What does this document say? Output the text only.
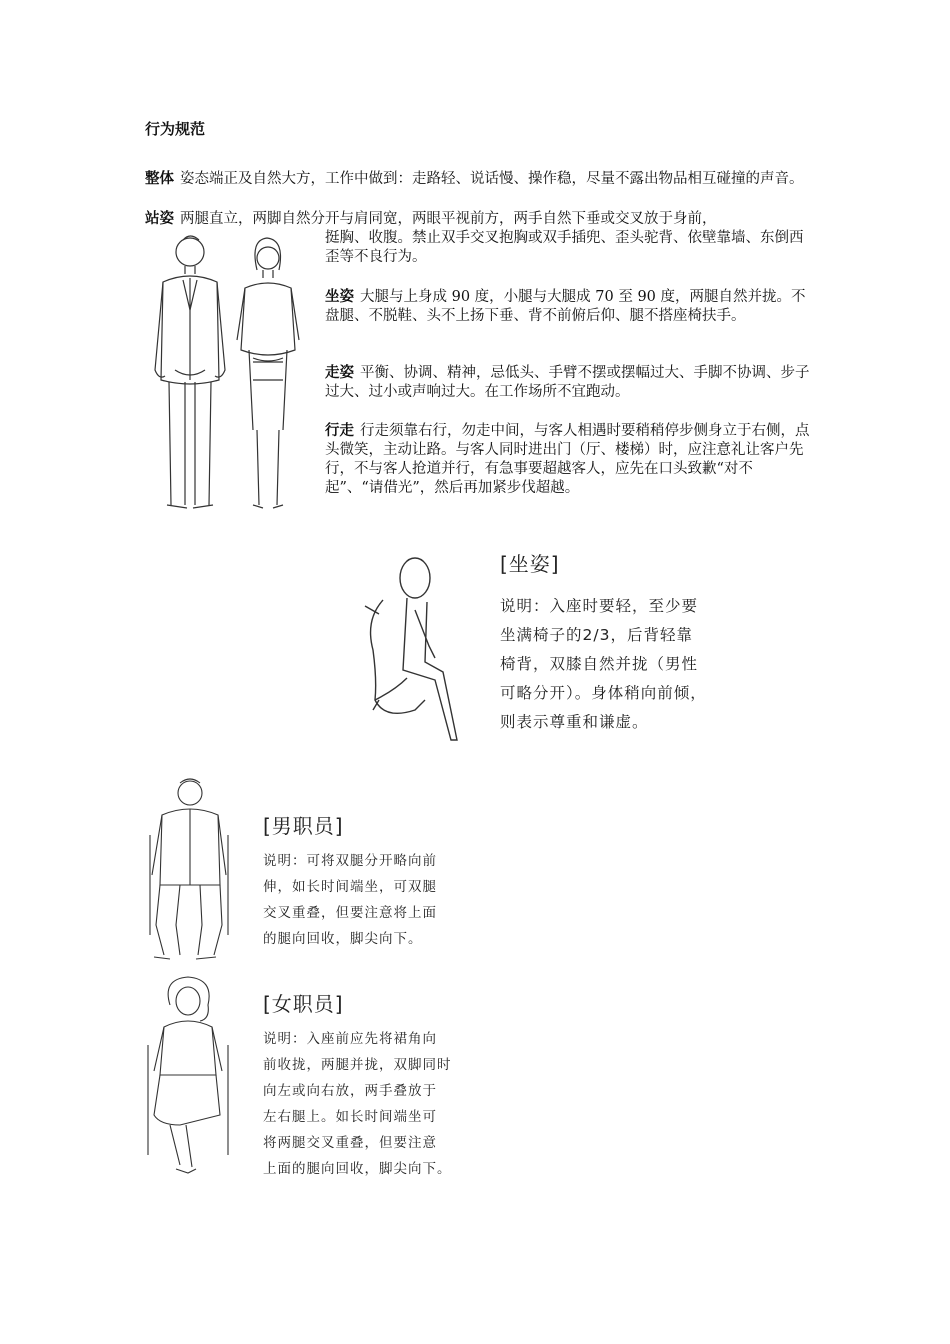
行为规范
整体 姿态端正及自然大方，工作中做到：走路轻、说话慢、操作稳，尽量不露出物品相互碰撞的声音。
站姿 两腿直立，两脚自然分开与肩同宽，两眼平视前方，两手自然下垂或交叉放于身前，
挺胸、收腹。禁止双手交叉抱胸或双手插兜、歪头驼背、依壁靠墙、东倒西歪等不良行为。
坐姿 大腿与上身成 90 度，小腿与大腿成 70 至 90 度，两腿自然并拢。不盘腿、不脱鞋、头不上扬下垂、背不前俯后仰、腿不搭座椅扶手。
走姿 平衡、协调、精神，忌低头、手臂不摆或摆幅过大、手脚不协调、步子过大、过小或声响过大。在工作场所不宜跑动。
行走 行走须靠右行，勿走中间，与客人相遇时要稍稍停步侧身立于右侧，点头微笑，主动让路。与客人同时进出门（厅、楼梯）时，应注意礼让客户先行，不与客人抢道并行，有急事要超越客人，应先在口头致歉“对不起”、“请借光”，然后再加紧步伐超越。
[坐姿]
说明：入座时要轻，至少要
坐满椅子的2/3，后背轻靠
椅背，双膝自然并拢（男性
可略分开）。身体稍向前倾，
则表示尊重和谦虚。
[男职员]
说明：可将双腿分开略向前
伸，如长时间端坐，可双腿
交叉重叠，但要注意将上面
的腿向回收，脚尖向下。
[女职员]
说明：入座前应先将裙角向
前收拢，两腿并拢，双脚同时
向左或向右放，两手叠放于
左右腿上。如长时间端坐可
将两腿交叉重叠，但要注意
上面的腿向回收，脚尖向下。
